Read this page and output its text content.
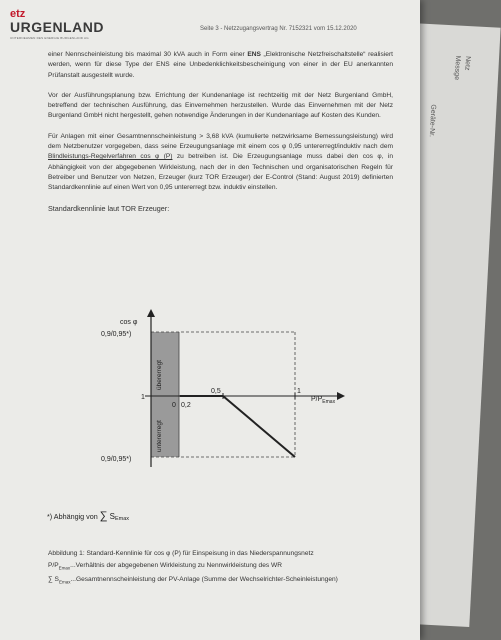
Netz
Messge
Geräte-Nr.
etz
URGENLAND
UNTERNEHMEN DES ENERGIE BURGENLAND AG
Seite 3 - Netzzugangsvertrag Nr. 7152321 vom 15.12.2020

einer Nennscheinleistung bis maximal 30 kVA auch in Form einer ENS „Elektronische Netzfreischaltstelle“ realisiert werden, wenn für diese Type der ENS eine Unbedenklichkeitsbescheinigung von einer in der EU anerkannten Prüfanstalt ausgestellt wurde.

Vor der Ausführungsplanung bzw. Errichtung der Kundenanlage ist rechtzeitig mit der Netz Burgenland GmbH, betreffend der technischen Ausführung, das Einvernehmen herzustellen. Wurde das Einvernehmen mit der Netz Burgenland GmbH nicht hergestellt, gehen notwendige Änderungen in der Kundenanlage auf Kosten des Kunden.

Für Anlagen mit einer Gesamtnennscheinleistung > 3,68 kVA (kumulierte netzwirksame Bemessungsleistung) wird dem Netzbenutzer vorgegeben, dass seine Erzeugungsanlage mit einem cos φ 0,95 untererregt/induktiv nach dem Blindleistungs-Regelverfahren cos φ (P) zu betreiben ist. Die Erzeugungsanlage muss dabei den cos φ, in Abhängigkeit von der abgegebenen Wirkleistung, nach der in den Technischen und organisatorischen Regeln für Betreiber und Benutzer von Netzen, Erzeuger (kurz TOR Erzeuger) der E-Control (Stand: August 2019) definierten Standardkennlinie auf einen Wert von 0,95 untererregt bzw. induktiv einstellen.

Standardkennlinie laut TOR Erzeuger:

cos φ
0,9/0,95*)
0,9/0,95*)
1
0 0,2
0,5	1
$P/P_{Emax}$
übererregt
untererregt
*) Abhängig von ∑ SEmax
Abbildung 1: Standard-Kennlinie für cos φ (P) für Einspeisung in das Niederspannungsnetz
$P/P_{Emax}...Verhältnis$ der abgegebenen Wirkleistung zu Nennwirkleistung des WR
∑ $S_{Emax}...Gesamtnennscheinleistung$ der PV-Anlage (Summe der Wechselrichter-Scheinleistungen)
